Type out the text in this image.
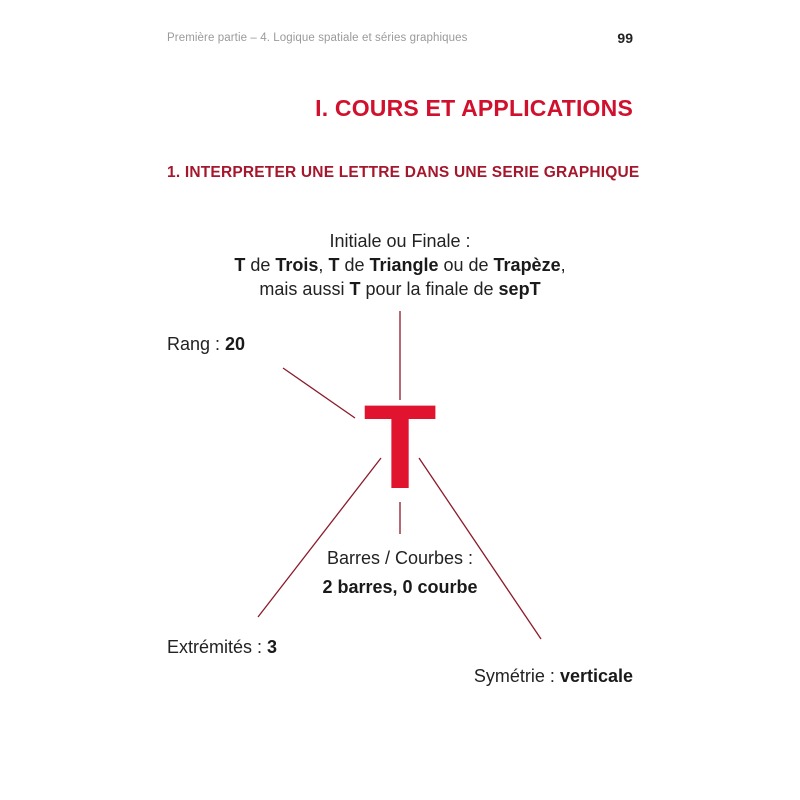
Première partie – 4. Logique spatiale et séries graphiques	99
I. COURS ET APPLICATIONS
1. INTERPRETER UNE LETTRE DANS UNE SERIE GRAPHIQUE
Initiale ou Finale :
T de Trois, T de Triangle ou de Trapèze,
mais aussi T pour la finale de sepT
Rang : 20
T
Barres / Courbes :
2 barres, 0 courbe
Extrémités : 3
Symétrie : verticale
